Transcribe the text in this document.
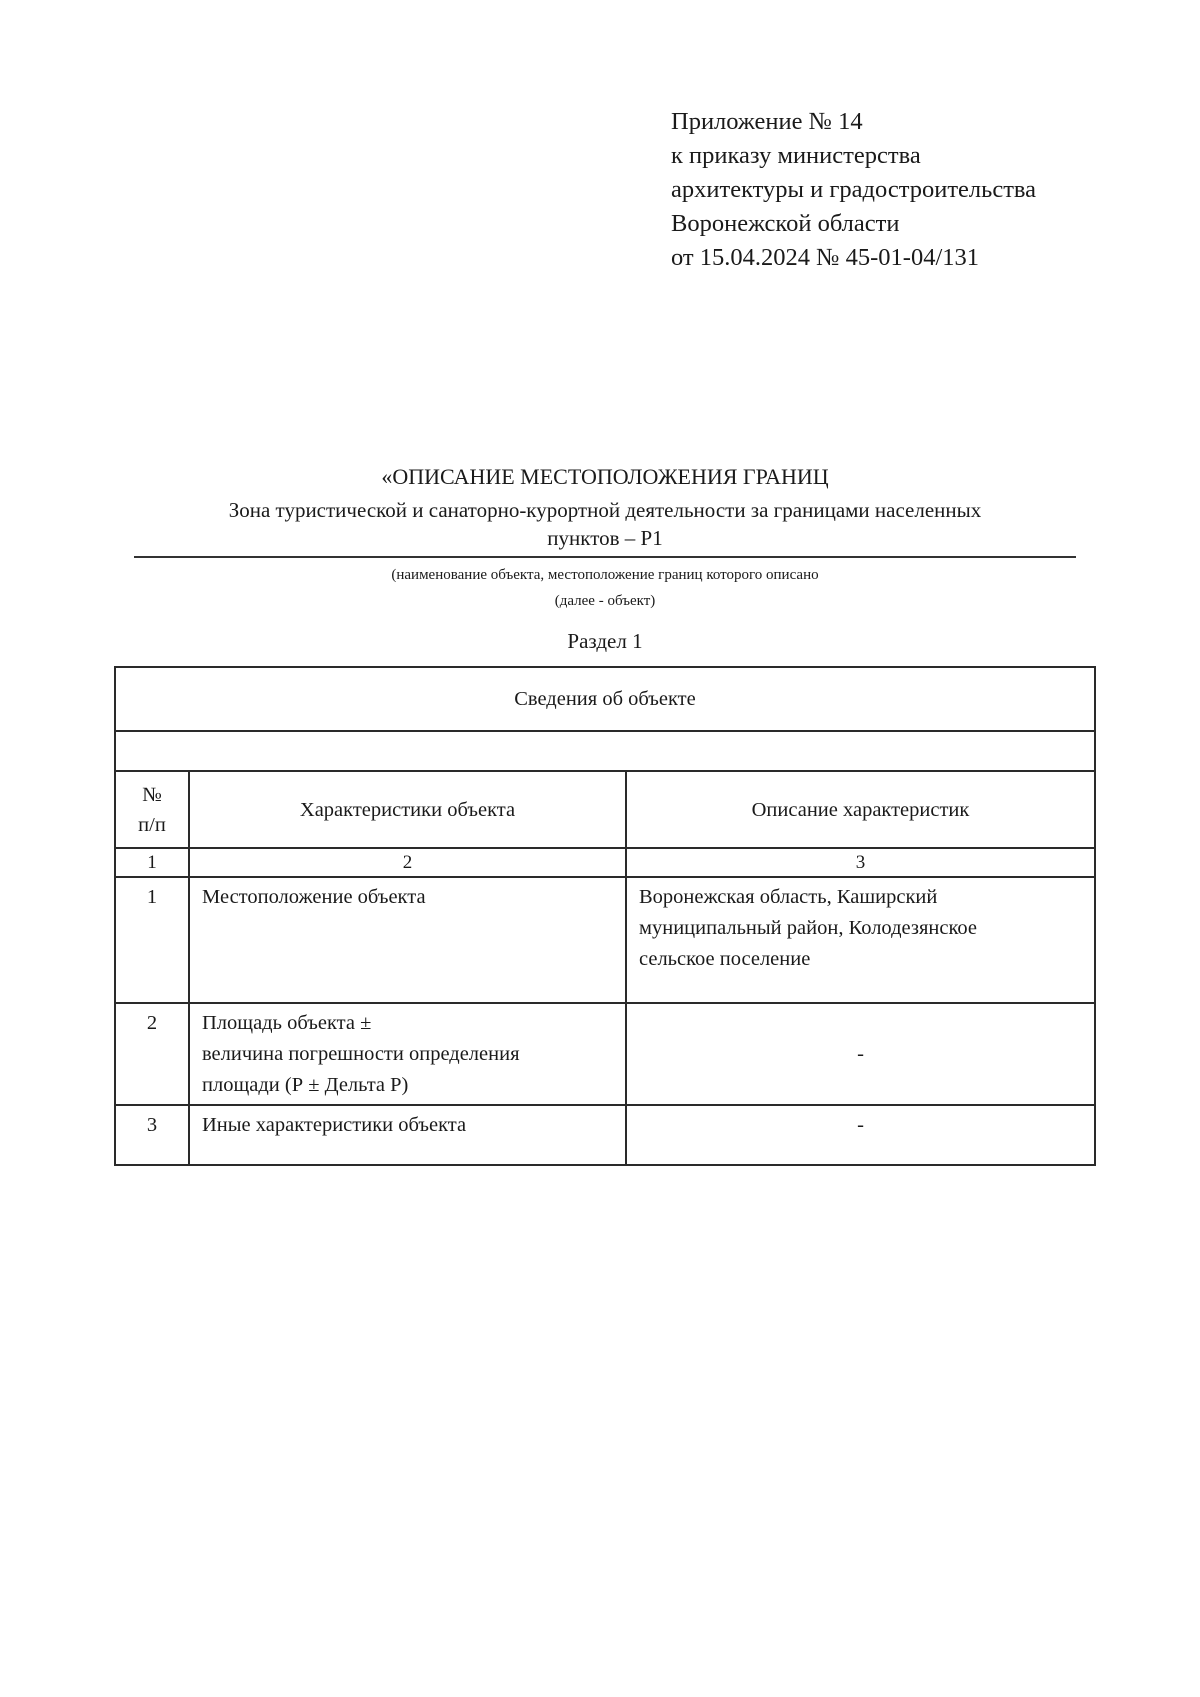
Приложение № 14
к приказу министерства
архитектуры и градостроительства
Воронежской области
от 15.04.2024 № 45-01-04/131
«ОПИСАНИЕ МЕСТОПОЛОЖЕНИЯ ГРАНИЦ
Зона туристической и санаторно-курортной деятельности за границами населенных
пунктов – Р1
(наименование объекта, местоположение границ которого описано
(далее - объект)
Раздел 1
Сведения об объекте		

№
п/п	Характеристики объекта	Описание характеристик
1	2	3
1	Местоположение объекта	Воронежская область, Каширский
муниципальный район, Колодезянское
сельское поселение

2	Площадь объекта ±
величина погрешности определения
площади (Р ± Дельта Р)	-
3	Иные характеристики объекта	-
